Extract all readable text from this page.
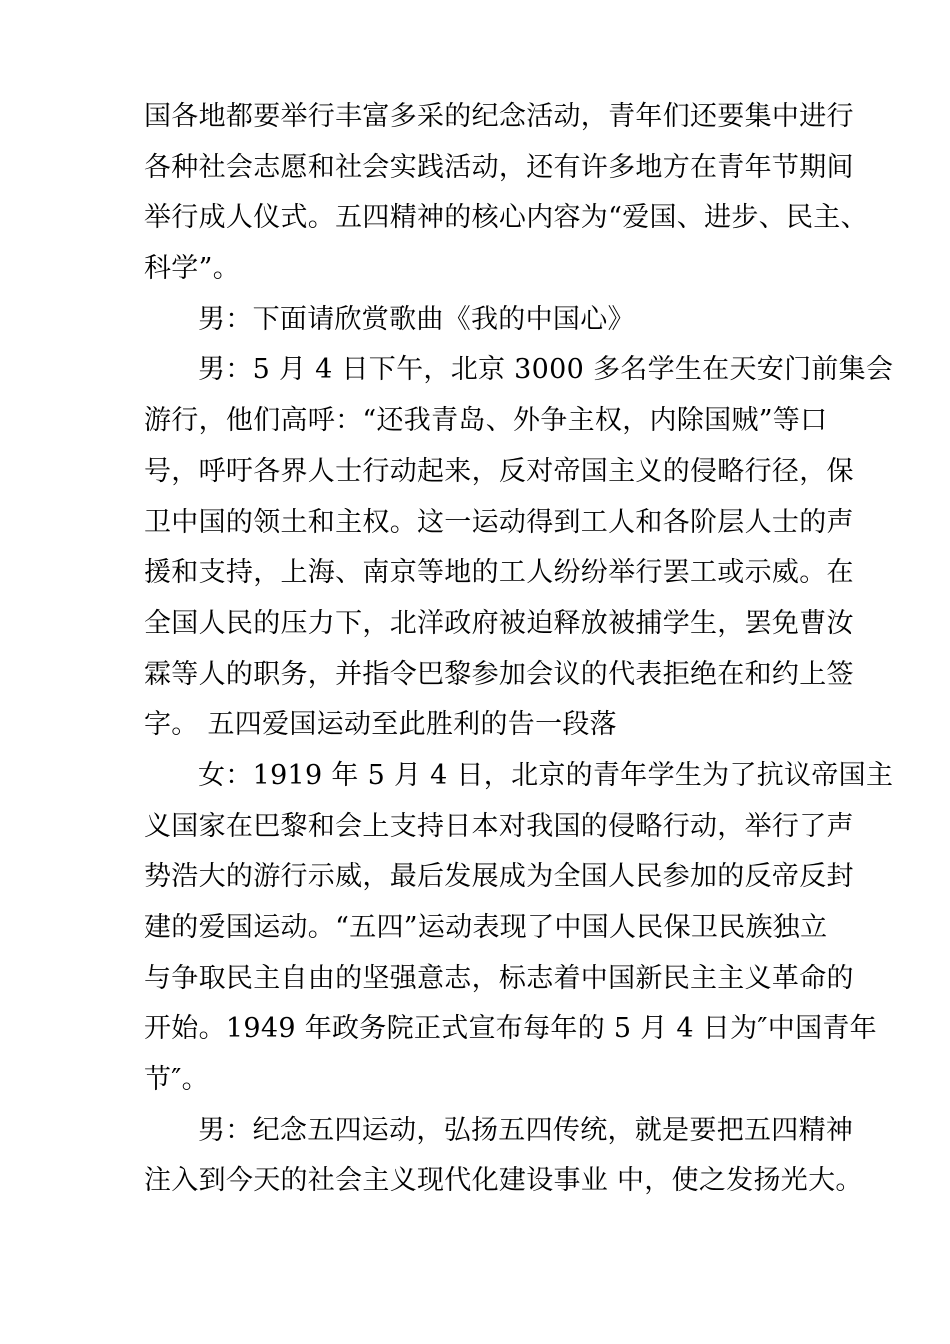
国各地都要举行丰富多采的纪念活动，青年们还要集中进行

各种社会志愿和社会实践活动，还有许多地方在青年节期间

举行成人仪式。五四精神的核心内容为“爱国、进步、民主、

科学”。

男：下面请欣赏歌曲《我的中国心》

男：5 月 4 日下午，北京 3000 多名学生在天安门前集会

游行，他们高呼：“还我青岛、外争主权，内除国贼”等口

号，呼吁各界人士行动起来，反对帝国主义的侵略行径，保

卫中国的领土和主权。这一运动得到工人和各阶层人士的声

援和支持，上海、南京等地的工人纷纷举行罢工或示威。在

全国人民的压力下，北洋政府被迫释放被捕学生，罢免曹汝

霖等人的职务，并指令巴黎参加会议的代表拒绝在和约上签

字。 五四爱国运动至此胜利的告一段落

女：1919 年 5 月 4 日，北京的青年学生为了抗议帝国主

义国家在巴黎和会上支持日本对我国的侵略行动，举行了声

势浩大的游行示威，最后发展成为全国人民参加的反帝反封

建的爱国运动。“五四”运动表现了中国人民保卫民族独立

与争取民主自由的坚强意志，标志着中国新民主主义革命的

开始。1949 年政务院正式宣布每年的 5 月 4 日为″中国青年

节″。

男：纪念五四运动，弘扬五四传统，就是要把五四精神

注入到今天的社会主义现代化建设事业 中，使之发扬光大。
